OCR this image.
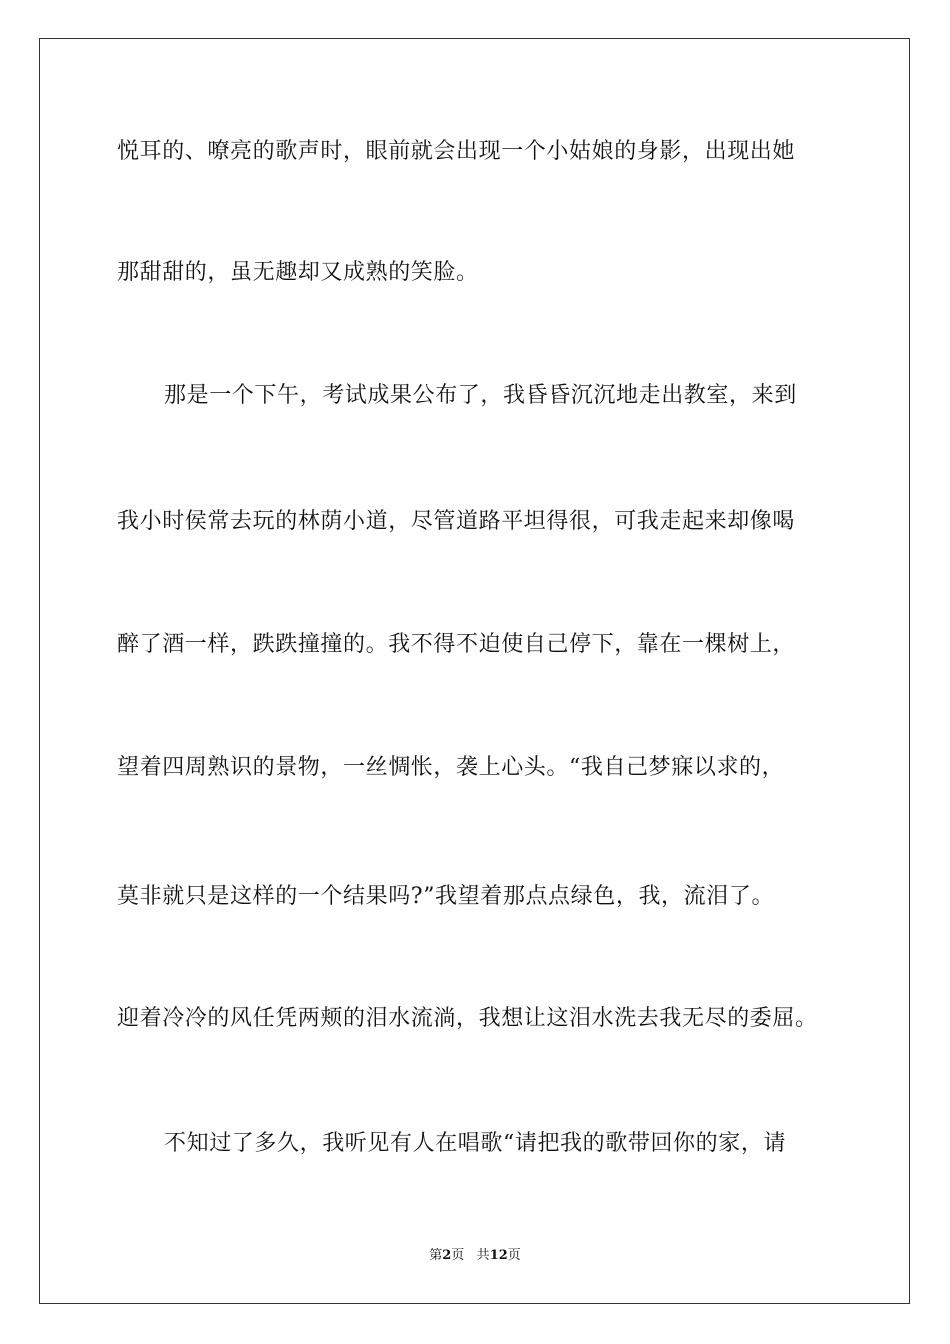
悦耳的、嘹亮的歌声时，眼前就会出现一个小姑娘的身影，出现出她
那甜甜的，虽无趣却又成熟的笑脸。
那是一个下午，考试成果公布了，我昏昏沉沉地走出教室，来到
我小时侯常去玩的林荫小道，尽管道路平坦得很，可我走起来却像喝
醉了酒一样，跌跌撞撞的。我不得不迫使自己停下，靠在一棵树上，
望着四周熟识的景物，一丝惆怅，袭上心头。“我自己梦寐以求的，
莫非就只是这样的一个结果吗?”我望着那点点绿色，我，流泪了。
迎着冷冷的风任凭两颊的泪水流淌，我想让这泪水洗去我无尽的委屈。
不知过了多久，我听见有人在唱歌“请把我的歌带回你的家，请
第2页 共12页
